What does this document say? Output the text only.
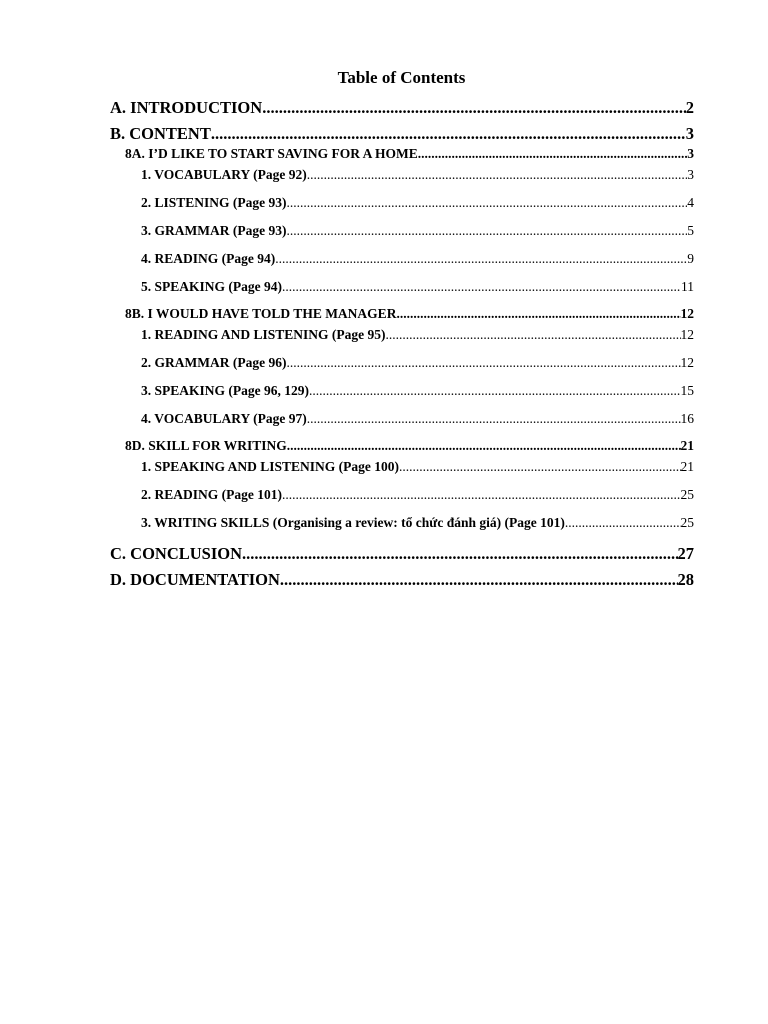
Table of Contents
A. INTRODUCTION .....	2
B. CONTENT .....	3
8A. I’D LIKE TO START SAVING FOR A HOME .....	3
1. VOCABULARY (Page 92) .....	3
2. LISTENING (Page 93) .....	4
3. GRAMMAR (Page 93) .....	5
4. READING (Page 94) .....	9
5. SPEAKING (Page 94) .....	11
8B. I WOULD HAVE TOLD THE MANAGER .....	12
1. READING AND LISTENING (Page 95) .....	12
2. GRAMMAR (Page 96) .....	12
3. SPEAKING (Page 96, 129) .....	15
4. VOCABULARY (Page 97) .....	16
8D. SKILL FOR WRITING .....	21
1. SPEAKING AND LISTENING (Page 100) .....	21
2. READING (Page 101) .....	25
3. WRITING SKILLS (Organising a review: tổ chức đánh giá) (Page 101) .....	25
C. CONCLUSION .....	27
D. DOCUMENTATION .....	28
